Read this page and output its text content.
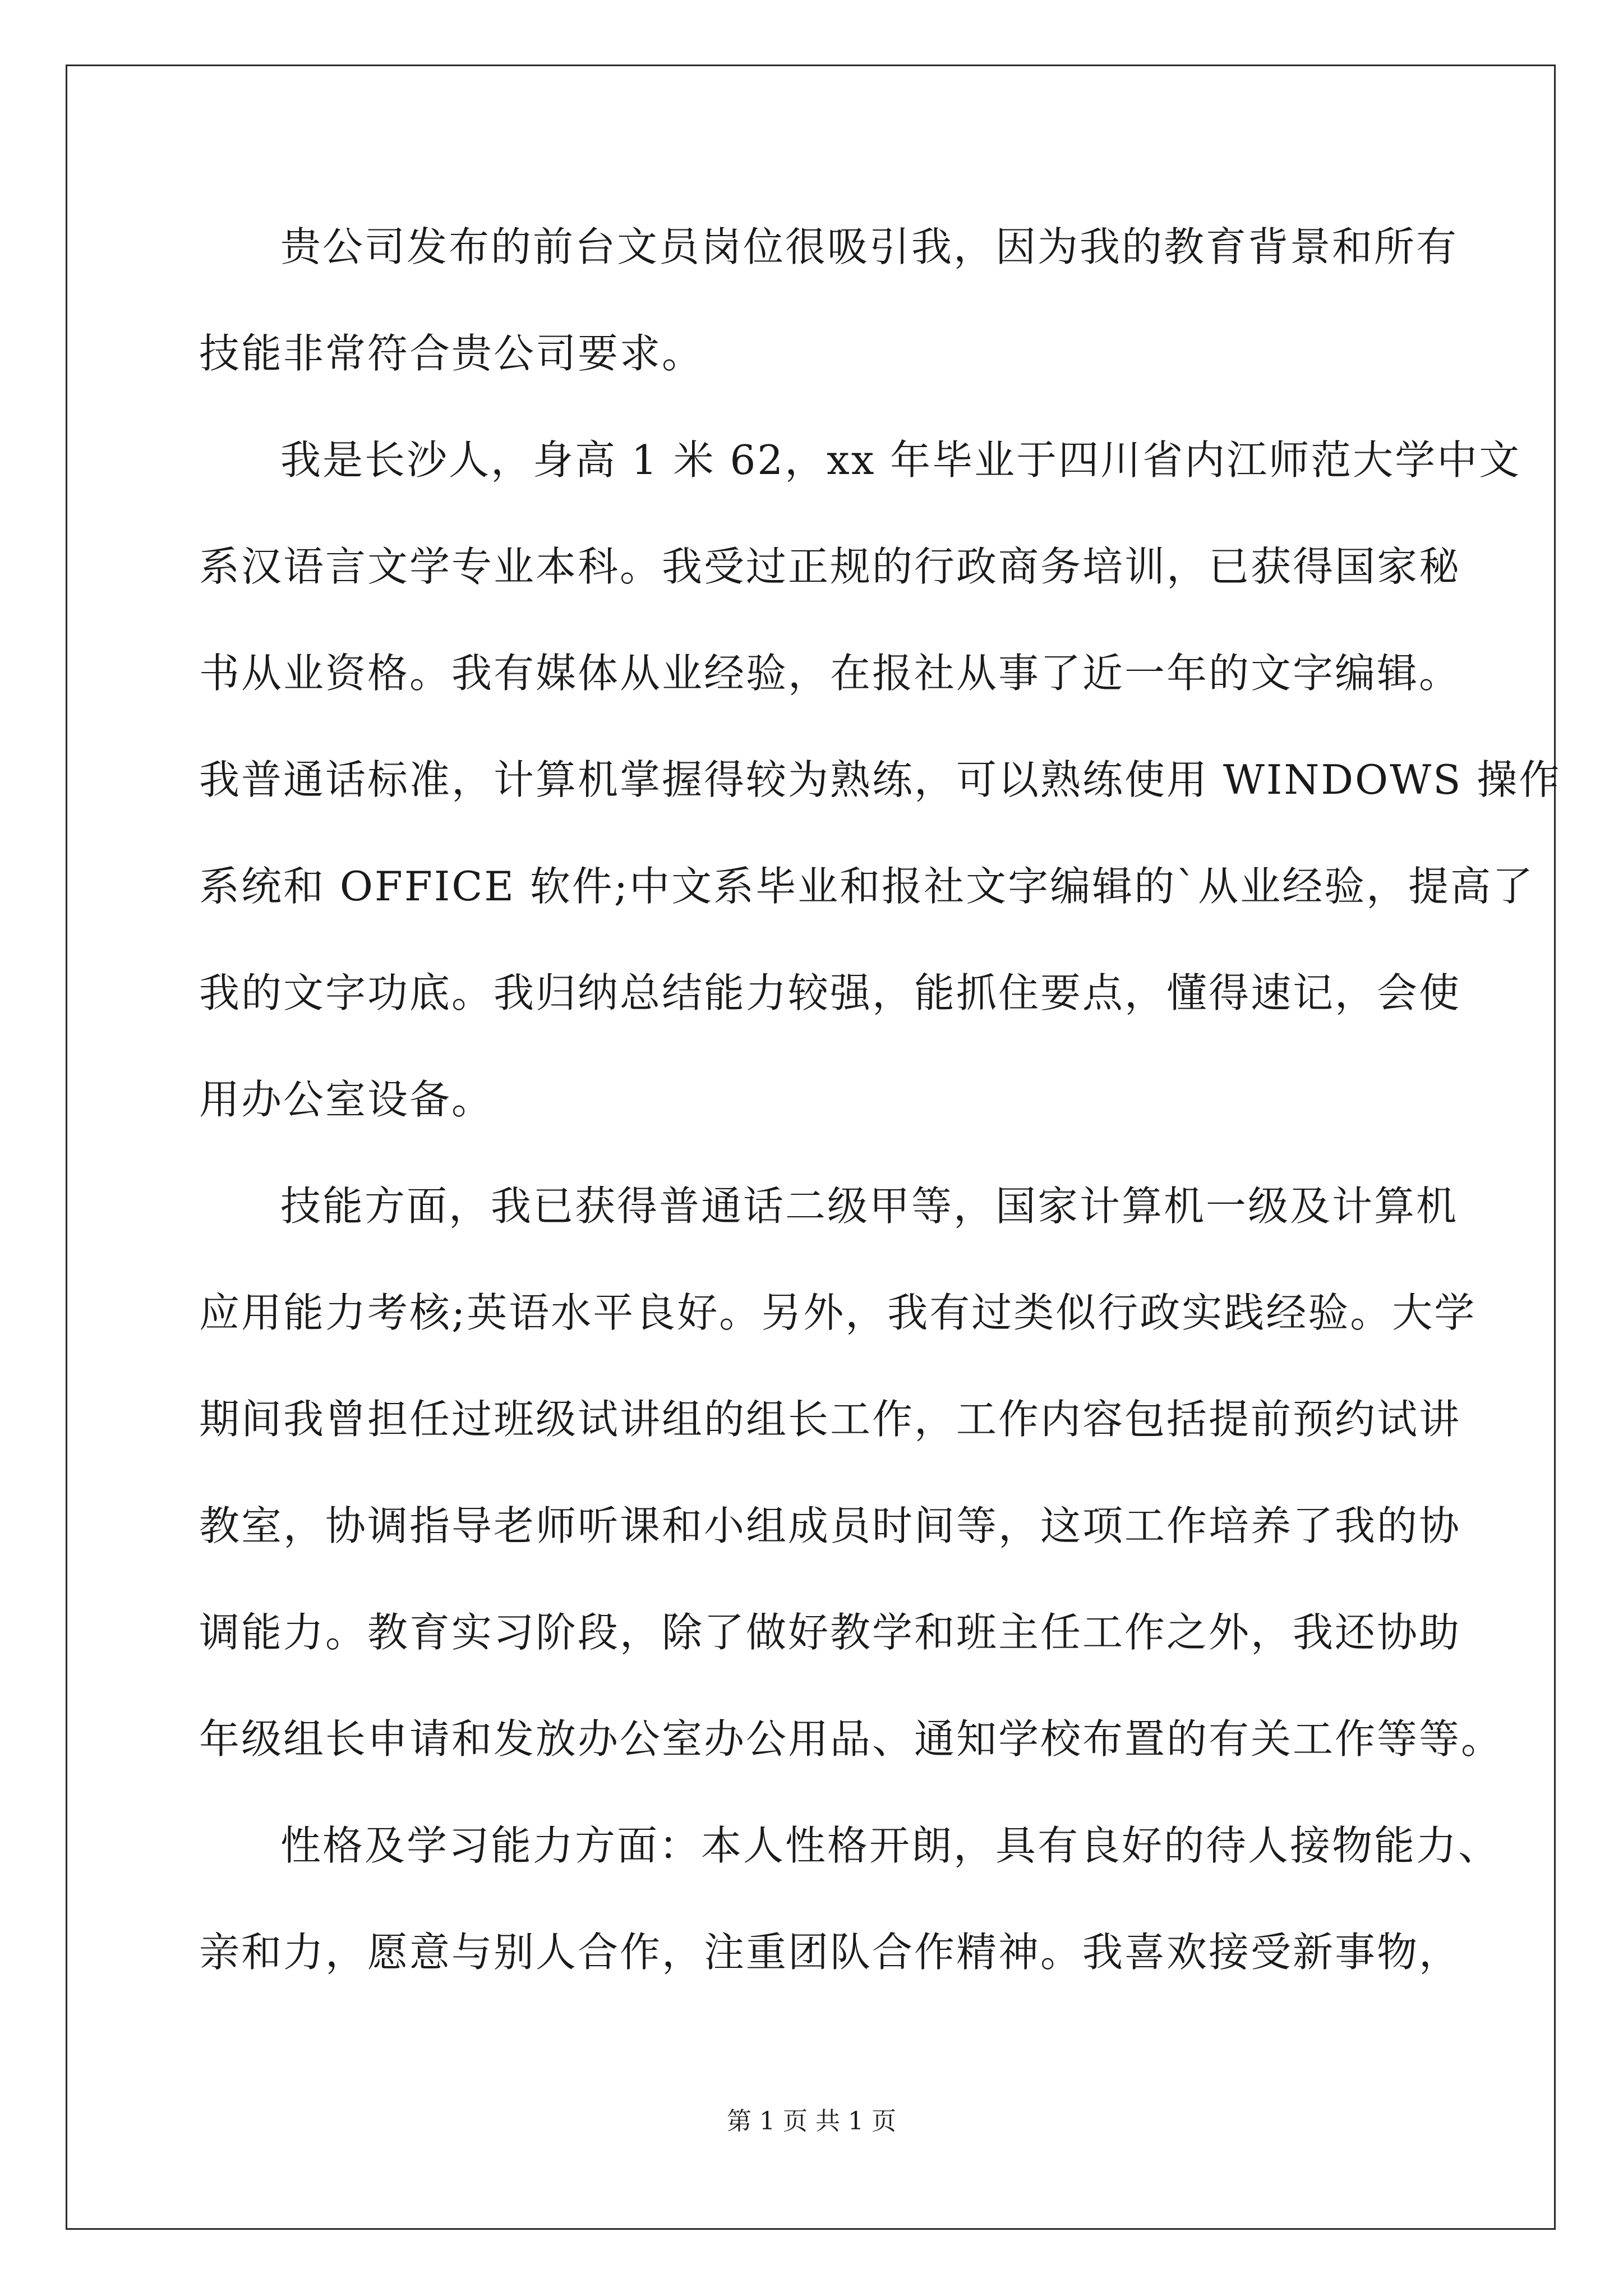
贵公司发布的前台文员岗位很吸引我，因为我的教育背景和所有
技能非常符合贵公司要求。
我是长沙人，身高 1 米 62，xx 年毕业于四川省内江师范大学中文
系汉语言文学专业本科。我受过正规的行政商务培训，已获得国家秘
书从业资格。我有媒体从业经验，在报社从事了近一年的文字编辑。
我普通话标准，计算机掌握得较为熟练，可以熟练使用 WINDOWS 操作
系统和 OFFICE 软件;中文系毕业和报社文字编辑的`从业经验，提高了
我的文字功底。我归纳总结能力较强，能抓住要点，懂得速记，会使
用办公室设备。
技能方面，我已获得普通话二级甲等，国家计算机一级及计算机
应用能力考核;英语水平良好。另外，我有过类似行政实践经验。大学
期间我曾担任过班级试讲组的组长工作，工作内容包括提前预约试讲
教室，协调指导老师听课和小组成员时间等，这项工作培养了我的协
调能力。教育实习阶段，除了做好教学和班主任工作之外，我还协助
年级组长申请和发放办公室办公用品、通知学校布置的有关工作等等。
性格及学习能力方面：本人性格开朗，具有良好的待人接物能力、
亲和力，愿意与别人合作，注重团队合作精神。我喜欢接受新事物，
第 1 页 共 1 页
